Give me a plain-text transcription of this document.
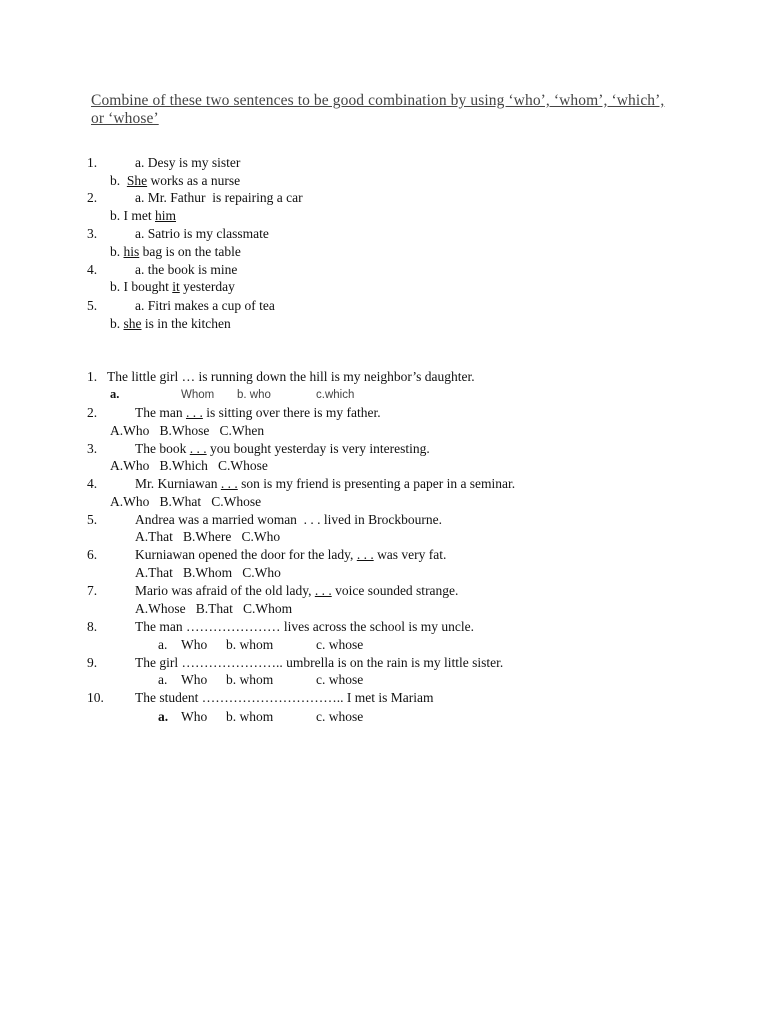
Combine of these two sentences to be good combination by using ‘who’, ‘whom’, ‘which’, or ‘whose’
1.	a. Desy is my sister
b.  She works as a nurse
2.	a. Mr. Fathur  is repairing a car
b. I met him
3.	a. Satrio is my classmate
b. his bag is on the table
4.	a. the book is mine
b. I bought it yesterday
5.	a. Fitri makes a cup of tea
b. she is in the kitchen
1. The little girl … is running down the hill is my neighbor’s daughter.
a.	Whom b. who	c.which
2.	The man . . . is sitting over there is my father.
A.Who   B.Whose   C.When
3.	The book . . . you bought yesterday is very interesting.
A.Who   B.Which   C.Whose
4.	Mr. Kurniawan . . . son is my friend is presenting a paper in a seminar.
A.Who   B.What   C.Whose
5.	Andrea was a married woman  . . . lived in Brockbourne.
A.That   B.Where   C.Who
6.	Kurniawan opened the door for the lady, . . . was very fat.
A.That   B.Whom   C.Who
7.	Mario was afraid of the old lady, . . . voice sounded strange.
A.Whose   B.That   C.Whom
8.	The man ………………… lives across the school is my uncle.
a. Who b. whom	c. whose
9.	The girl ………………….. umbrella is on the rain is my little sister.
a. Who b. whom	c. whose
10. The student ………………………….. I met is Mariam
a. Who b. whom	c. whose
